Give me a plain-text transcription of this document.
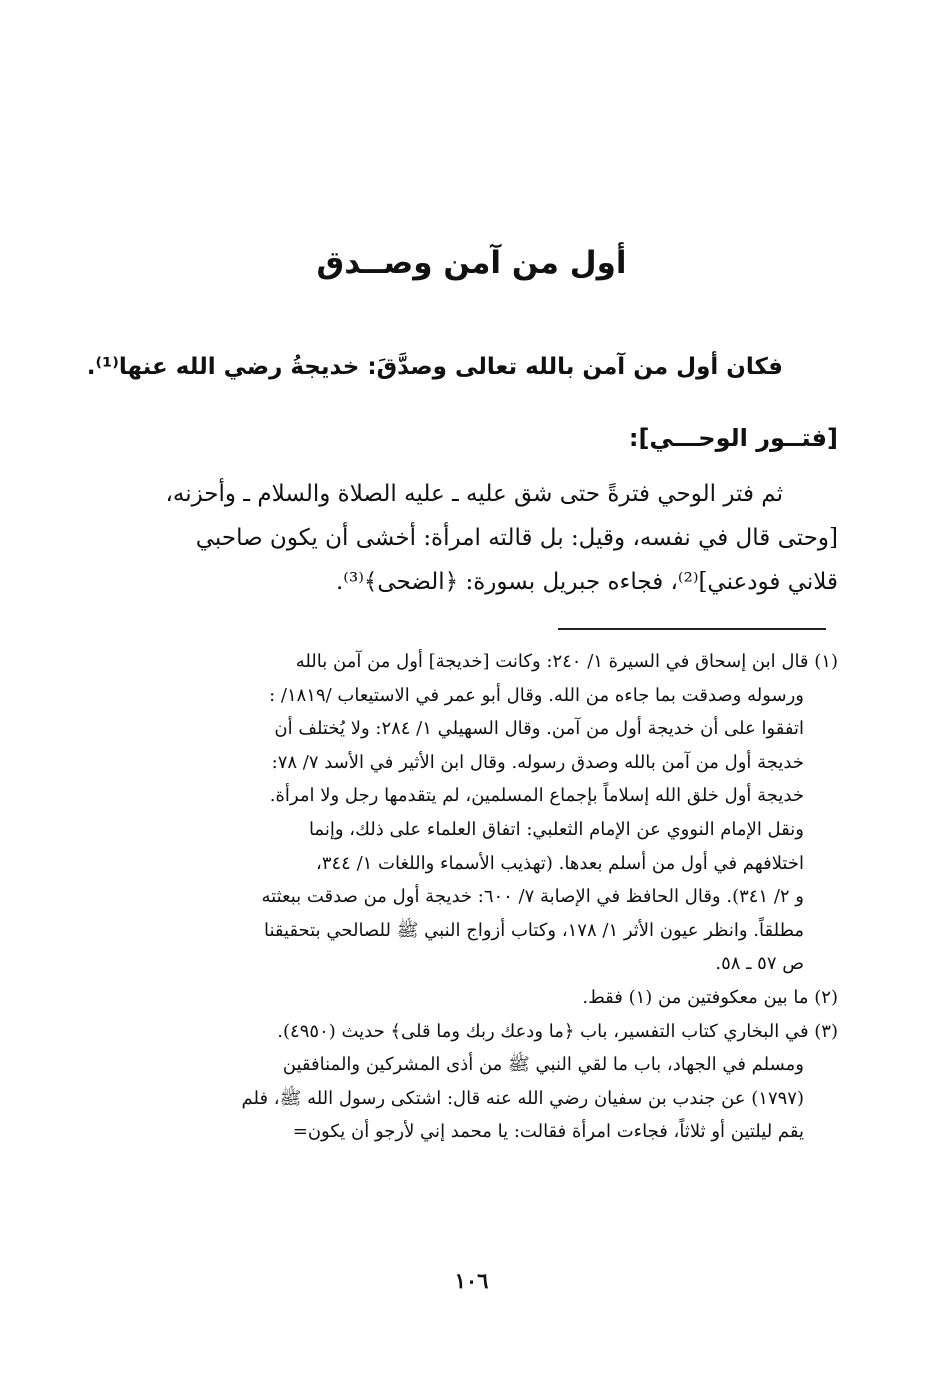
أول من آمن وصــدق

فكان أول من آمن بالله تعالى وصدَّقَ: خديجةُ رضي الله عنها⁽¹⁾.

[فتــور الوحـــي]:

ثم فتر الوحي فترةً حتى شق عليه ـ عليه الصلاة والسلام ـ وأحزنه،
[وحتى قال في نفسه، وقيل: بل قالته امرأة: أخشى أن يكون صاحبي
قلاني فودعني]⁽²⁾، فجاءه جبريل بسورة: ﴿الضحى﴾⁽³⁾.
(١) قال ابن إسحاق في السيرة ١/ ٢٤٠: وكانت [خديجة] أول من آمن بالله
ورسوله وصدقت بما جاءه من الله. وقال أبو عمر في الاستيعاب /١٨١٩/ :
اتفقوا على أن خديجة أول من آمن. وقال السهيلي ١/ ٢٨٤: ولا يُختلف أن
خديجة أول من آمن بالله وصدق رسوله. وقال ابن الأثير في الأسد ٧/ ٧٨:
خديجة أول خلق الله إسلاماً بإجماع المسلمين، لم يتقدمها رجل ولا امرأة.
ونقل الإمام النووي عن الإمام الثعلبي: اتفاق العلماء على ذلك، وإنما
اختلافهم في أول من أسلم بعدها. (تهذيب الأسماء واللغات ١/ ٣٤٤،
و ٢/ ٣٤١). وقال الحافظ في الإصابة ٧/ ٦٠٠: خديجة أول من صدقت ببعثته
مطلقاً. وانظر عيون الأثر ١/ ١٧٨، وكتاب أزواج النبي ﷺ للصالحي بتحقيقنا
ص ٥٧ ـ ٥٨.
(٢) ما بين معكوفتين من (١) فقط.
(٣) في البخاري كتاب التفسير، باب ﴿ما ودعك ربك وما قلى﴾ حديث (٤٩٥٠).
ومسلم في الجهاد، باب ما لقي النبي ﷺ من أذى المشركين والمنافقين
(١٧٩٧) عن جندب بن سفيان رضي الله عنه قال: اشتكى رسول الله ﷺ، فلم
يقم ليلتين أو ثلاثاً، فجاءت امرأة فقالت: يا محمد إني لأرجو أن يكون=
١٠٦
